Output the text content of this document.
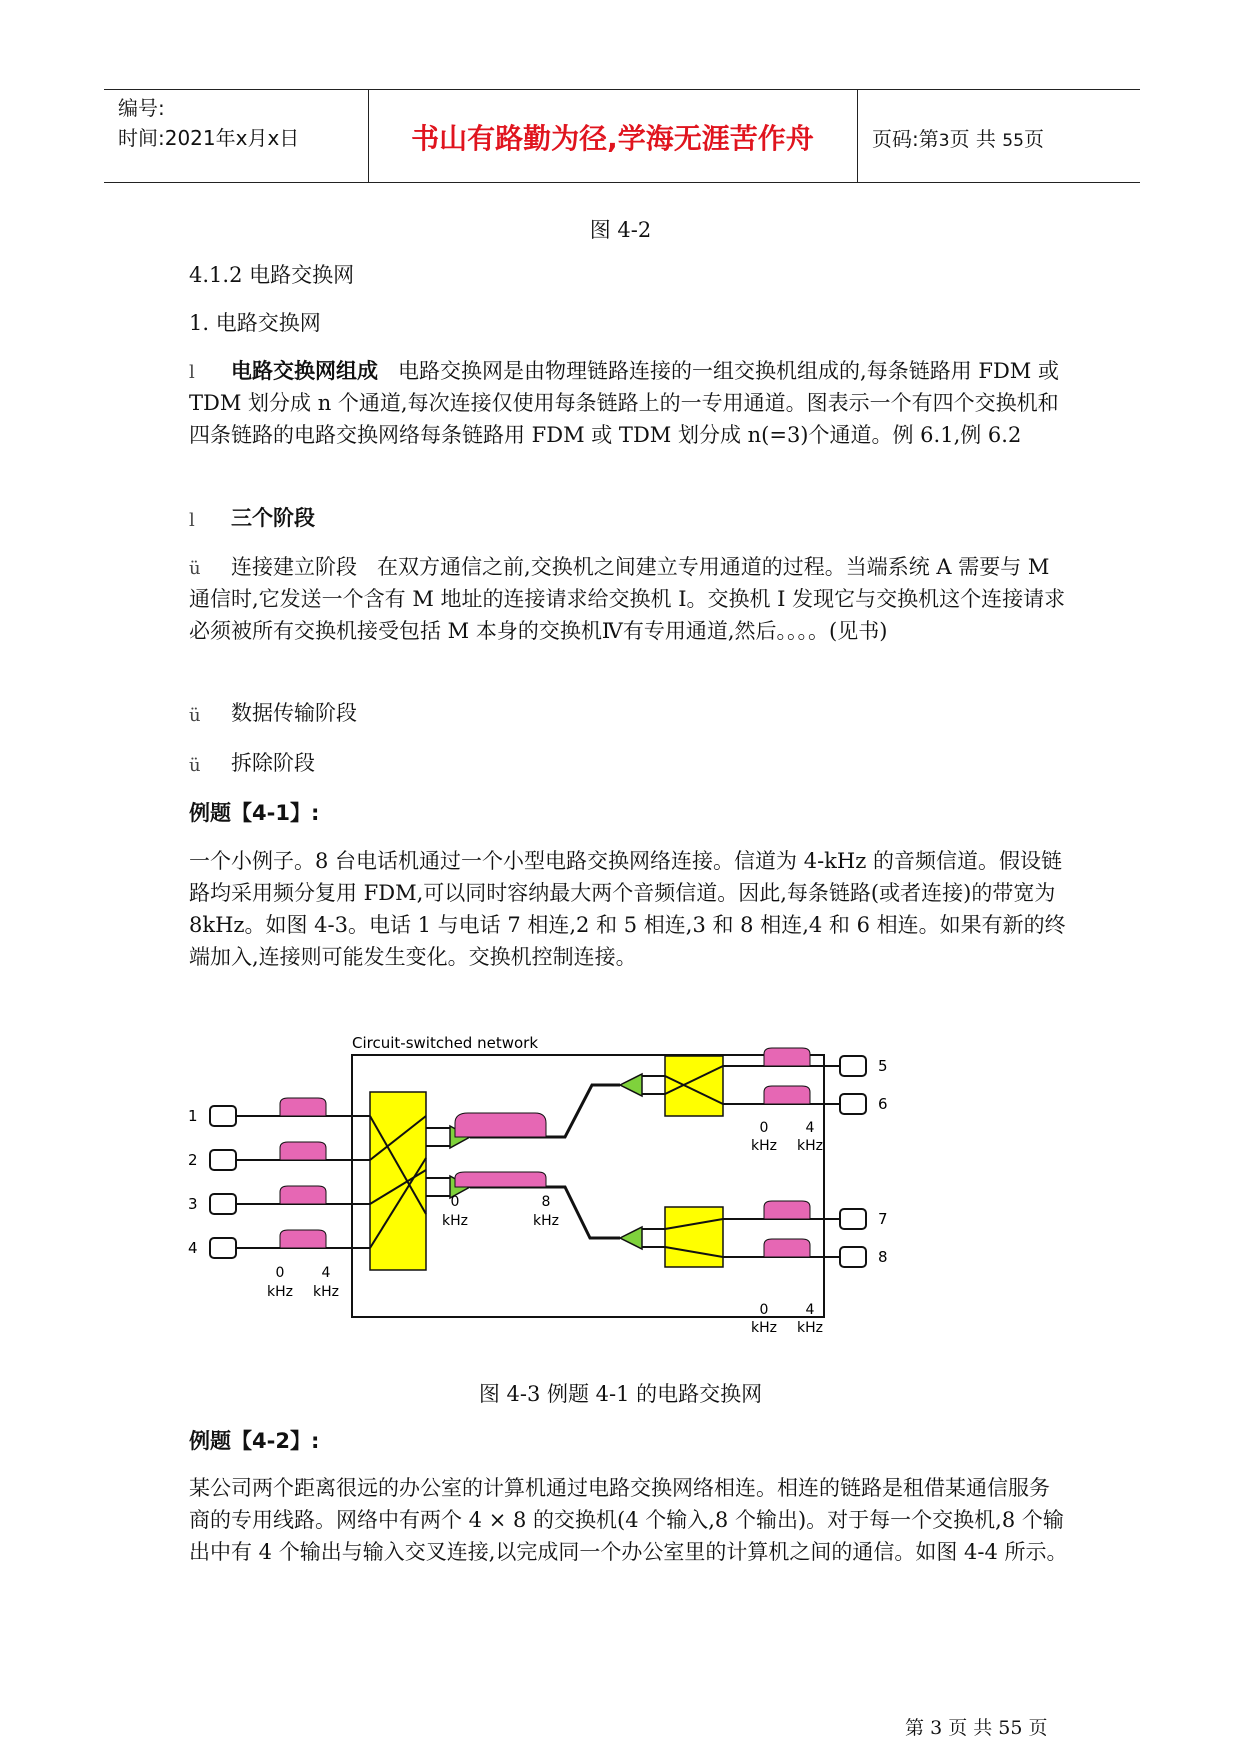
编号:
时间:2021年x月x日	书山有路勤为径,学海无涯苦作舟	页码:第3页 共 55页
图 4-2
4.1.2 电路交换网
1. 电路交换网
l	电路交换网组成 电路交换网是由物理链路连接的一组交换机组成的,每条链路用 FDM 或 TDM 划分成 n 个通道,每次连接仅使用每条链路上的一专用通道。图表示一个有四个交换机和四条链路的电路交换网络每条链路用 FDM 或 TDM 划分成 n(=3)个通道。例 6.1,例 6.2
l 三个阶段
ü	连接建立阶段 在双方通信之前,交换机之间建立专用通道的过程。当端系统 A 需要与 M 通信时,它发送一个含有 M 地址的连接请求给交换机 I。交换机 I 发现它与交换机这个连接请求必须被所有交换机接受包括 M 本身的交换机Ⅳ有专用通道,然后。。。。(见书)
ü 数据传输阶段
ü 拆除阶段
例题【4-1】:
一个小例子。8 台电话机通过一个小型电路交换网络连接。信道为 4-kHz 的音频信道。假设链路均采用频分复用 FDM,可以同时容纳最大两个音频信道。因此,每条链路(或者连接)的带宽为 8kHz。如图 4-3。电话 1 与电话 7 相连,2 和 5 相连,3 和 8 相连,4 和 6 相连。如果有新的终端加入,连接则可能发生变化。交换机控制连接。
Circuit-switched network
1
2
3
4
0	4
kHz kHz
0	8
kHz	kHz
5
6
0	4
kHz kHz
7
8
0	4
kHz kHz
图 4-3 例题 4-1 的电路交换网
例题【4-2】:
某公司两个距离很远的办公室的计算机通过电路交换网络相连。相连的链路是租借某通信服务商的专用线路。网络中有两个 4 × 8 的交换机(4 个输入,8 个输出)。对于每一个交换机,8 个输出中有 4 个输出与输入交叉连接,以完成同一个办公室里的计算机之间的通信。如图 4-4 所示。
第 3 页 共 55 页
